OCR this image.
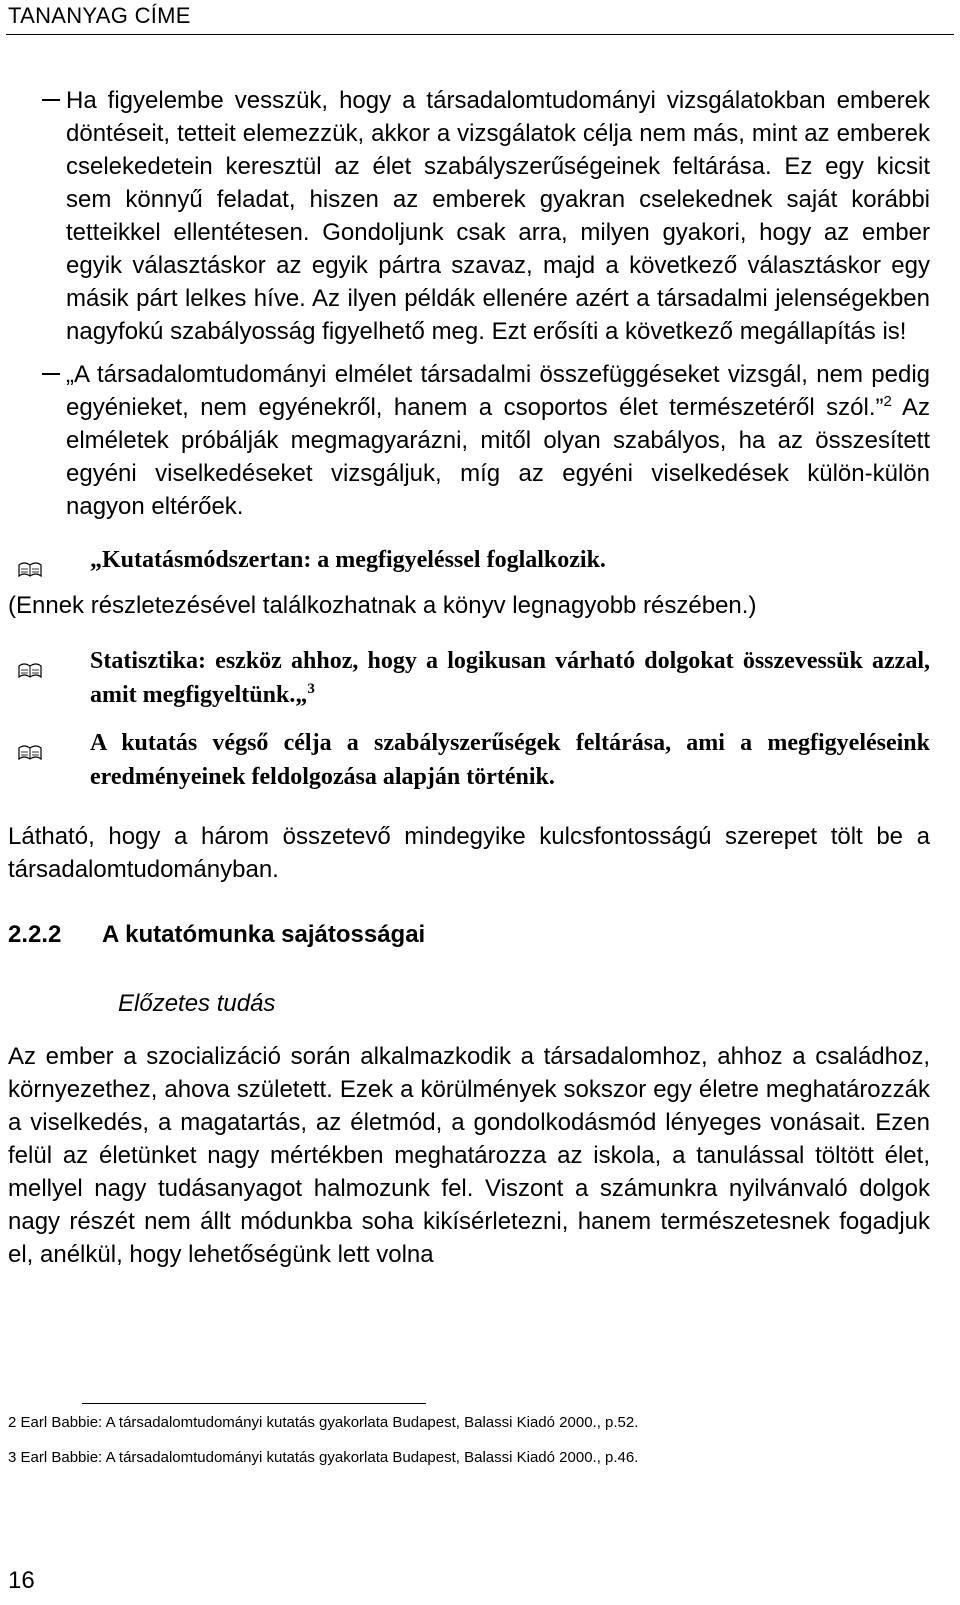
TANANYAG CÍME
Ha figyelembe vesszük, hogy a társadalomtudományi vizsgálatokban emberek döntéseit, tetteit elemezzük, akkor a vizsgálatok célja nem más, mint az emberek cselekedetein keresztül az élet szabályszerűségeinek feltárása. Ez egy kicsit sem könnyű feladat, hiszen az emberek gyakran cselekednek saját korábbi tetteikkel ellentétesen. Gondoljunk csak arra, milyen gyakori, hogy az ember egyik választáskor az egyik pártra szavaz, majd a következő választáskor egy másik párt lelkes híve. Az ilyen példák ellenére azért a társadalmi jelenségekben nagyfokú szabályosság figyelhető meg. Ezt erősíti a következő megállapítás is!
„A társadalomtudományi elmélet társadalmi összefüggéseket vizsgál, nem pedig egyénieket, nem egyénekről, hanem a csoportos élet természetéről szól.”$^2$ Az elméletek próbálják megmagyarázni, mitől olyan szabályos, ha az összesített egyéni viselkedéseket vizsgáljuk, míg az egyéni viselkedések külön-külön nagyon eltérőek.
„Kutatásmódszertan: a megfigyeléssel foglalkozik.

(Ennek részletezésével találkozhatnak a könyv legnagyobb részében.)

Statisztika: eszköz ahhoz, hogy a logikusan várható dolgokat összevessük azzal, amit megfigyeltünk.„$^3$
A kutatás végső célja a szabályszerűségek feltárása, ami a megfigyeléseink eredményeinek feldolgozása alapján történik.

Látható, hogy a három összetevő mindegyike kulcsfontosságú szerepet tölt be a társadalomtudományban.

2.2.2	A kutatómunka sajátosságai
Előzetes tudás

Az ember a szocializáció során alkalmazkodik a társadalomhoz, ahhoz a családhoz, környezethez, ahova született. Ezek a körülmények sokszor egy életre meghatározzák a viselkedés, a magatartás, az életmód, a gondolkodásmód lényeges vonásait. Ezen felül az életünket nagy mértékben meghatározza az iskola, a tanulással töltött élet, mellyel nagy tudásanyagot halmozunk fel. Viszont a számunkra nyilvánvaló dolgok nagy részét nem állt módunkba soha kikísérletezni, hanem természetesnek fogadjuk el, anélkül, hogy lehetőségünk lett volna

2 Earl Babbie: A társadalomtudományi kutatás gyakorlata Budapest, Balassi Kiadó 2000., p.52.
3 Earl Babbie: A társadalomtudományi kutatás gyakorlata Budapest, Balassi Kiadó 2000., p.46.
16
